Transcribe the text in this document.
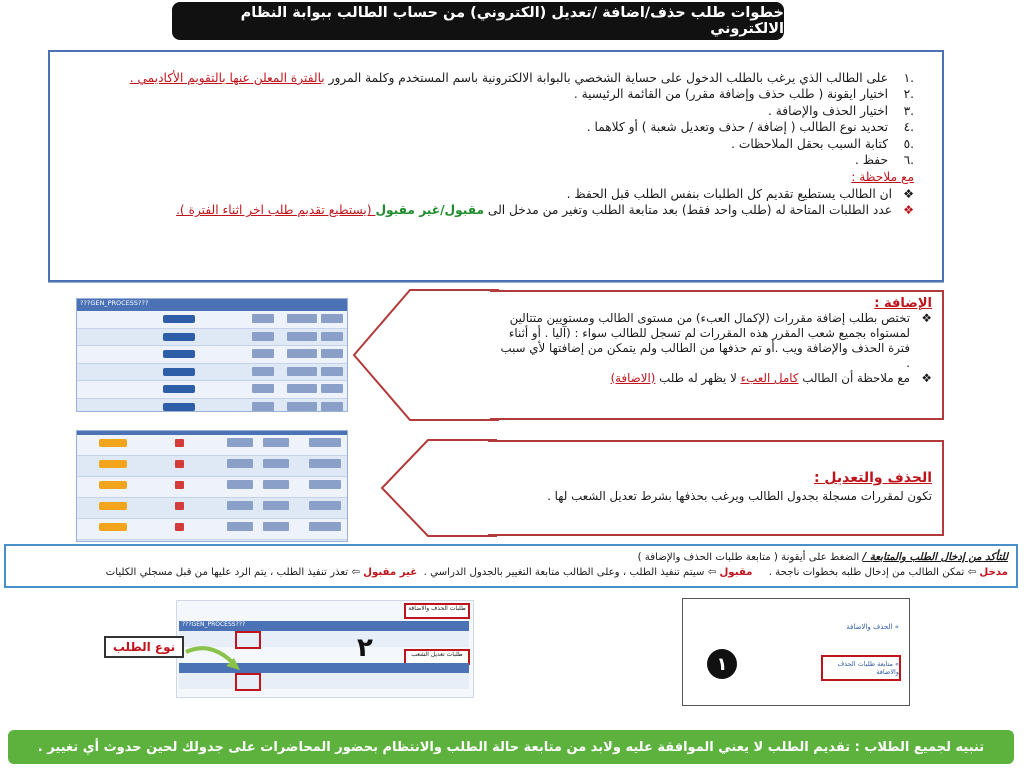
خطوات طلب حذف/اضافة /تعديل (الكتروني) من حساب الطالب ببوابة النظام الالكتروني
.١
على الطالب الذي يرغب بالطلب الدخول على حساية الشخصي بالبوابة الالكترونية باسم المستخدم وكلمة المرور بالفترة المعلن عنها بالتقويم الأكاديمي .
.٢
اختيار ايقونة ( طلب حذف وإضافة مقرر) من القائمة الرئيسية .
.٣
اختيار الحذف والإضافة .
.٤
تحديد نوع الطالب ( إضافة / حذف وتعديل شعبة ) أو كلاهما .
.٥
كتابة السبب بحقل الملاحظات .
.٦
حفظ .
مع ملاحظة :
❖
ان الطالب يستطيع تقديم كل الطلبات بنفس الطلب قبل الحفظ .
❖
عدد الطلبات المتاحة له (طلب واحد فقط) بعد متابعة الطلب وتغير من مدخل الى مقبول/غير مقبول (يستطيع تقديم طلب اخر اثناء الفترة ).
???GEN_PROCESS???	الإضافة :
❖
تختص بطلب إضافة مقررات (لإكمال العبء) من مستوى الطالب ومستويين متتالين لمستواه بجميع شعب المقرر هذه المقررات لم تسجل للطالب سواء : (آليا . أو أثناء فترة الحذف والإضافة ويب .أو تم حذفها من الطالب ولم يتمكن من إضافتها لأي سبب .
❖
مع ملاحظة أن الطالب كامل العبء لا يظهر له طلب (الاضافة)
الحذف والتعديل :
تكون لمقررات مسجلة بجدول الطالب ويرغب بحذفها بشرط تعديل الشعب لها .
للتأكد من إدخال الطلب والمتابعة / الضغط على أيقونة ( متابعة طلبات الحذف والإضافة )
مدخل ⇦ تمكن الطالب من إدخال طلبه بخطوات ناجحة .     مقبول ⇦ سيتم تنفيذ الطلب ، وعلى الطالب متابعة التغيير بالجدول الدراسي .  غير مقبول ⇦ تعذر تنفيذ الطلب ، يتم الرد عليها من قبل مسجلي الكليات
طلبات الحذف والاضافة
???GEN_PROCESS???
طلبات تعديل الشعب
٢
نوع الطلب
» الحذف والاضافة
» متابعة طلبات الحذف والاضافة
١
تنبيه لجميع الطلاب : تقديم الطلب لا يعني الموافقة عليه ولابد من متابعة حالة الطلب والانتظام بحضور المحاضرات على جدولك لحين حدوث أي تغيير .
